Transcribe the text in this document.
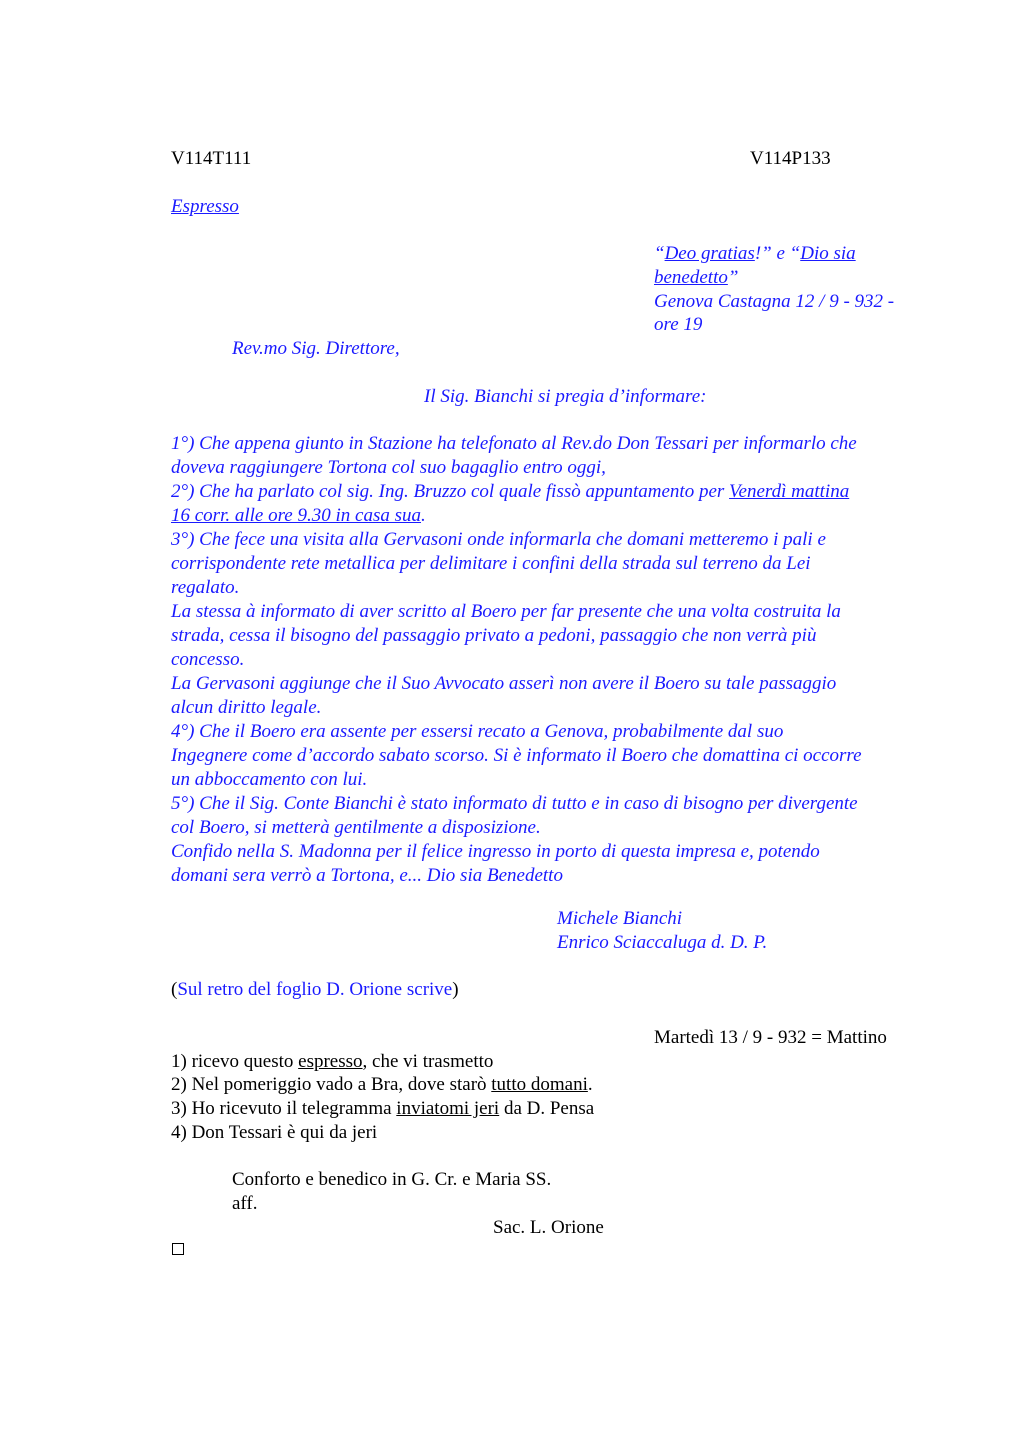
V114T111	V114P133
Espresso
“Deo gratias!” e “Dio sia
benedetto”
Genova Castagna 12 / 9 - 932 -
ore 19
Rev.mo Sig. Direttore,
Il Sig. Bianchi si pregia d’informare:
1°) Che appena giunto in Stazione ha telefonato al Rev.do Don Tessari per informarlo che
doveva raggiungere Tortona col suo bagaglio entro oggi,
2°) Che ha parlato col sig. Ing. Bruzzo col quale fissò appuntamento per Venerdì mattina
16 corr. alle ore 9.30 in casa sua.
3°) Che fece una visita alla Gervasoni onde informarla che domani metteremo i pali e
corrispondente rete metallica per delimitare i confini della strada sul terreno da Lei
regalato.
La stessa à informato di aver scritto al Boero per far presente che una volta costruita la
strada, cessa il bisogno del passaggio privato a pedoni, passaggio che non verrà più
concesso.
La Gervasoni aggiunge che il Suo Avvocato asserì non avere il Boero su tale passaggio
alcun diritto legale.
4°) Che il Boero era assente per essersi recato a Genova, probabilmente dal suo
Ingegnere come d’accordo sabato scorso. Si è informato il Boero che domattina ci occorre
un abboccamento con lui.
5°) Che il Sig. Conte Bianchi è stato informato di tutto e in caso di bisogno per divergente
col Boero, si metterà gentilmente a disposizione.
Confido nella S. Madonna per il felice ingresso in porto di questa impresa e, potendo
domani sera verrò a Tortona, e... Dio sia Benedetto
Michele Bianchi
Enrico Sciaccaluga d. D. P.
(Sul retro del foglio D. Orione scrive)
Martedì 13 / 9 - 932 = Mattino
1) ricevo questo espresso, che vi trasmetto
2) Nel pomeriggio vado a Bra, dove starò tutto domani.
3) Ho ricevuto il telegramma inviatomi jeri da D. Pensa
4) Don Tessari è qui da jeri
Conforto e benedico in G. Cr. e Maria SS.
aff.
Sac. L. Orione
